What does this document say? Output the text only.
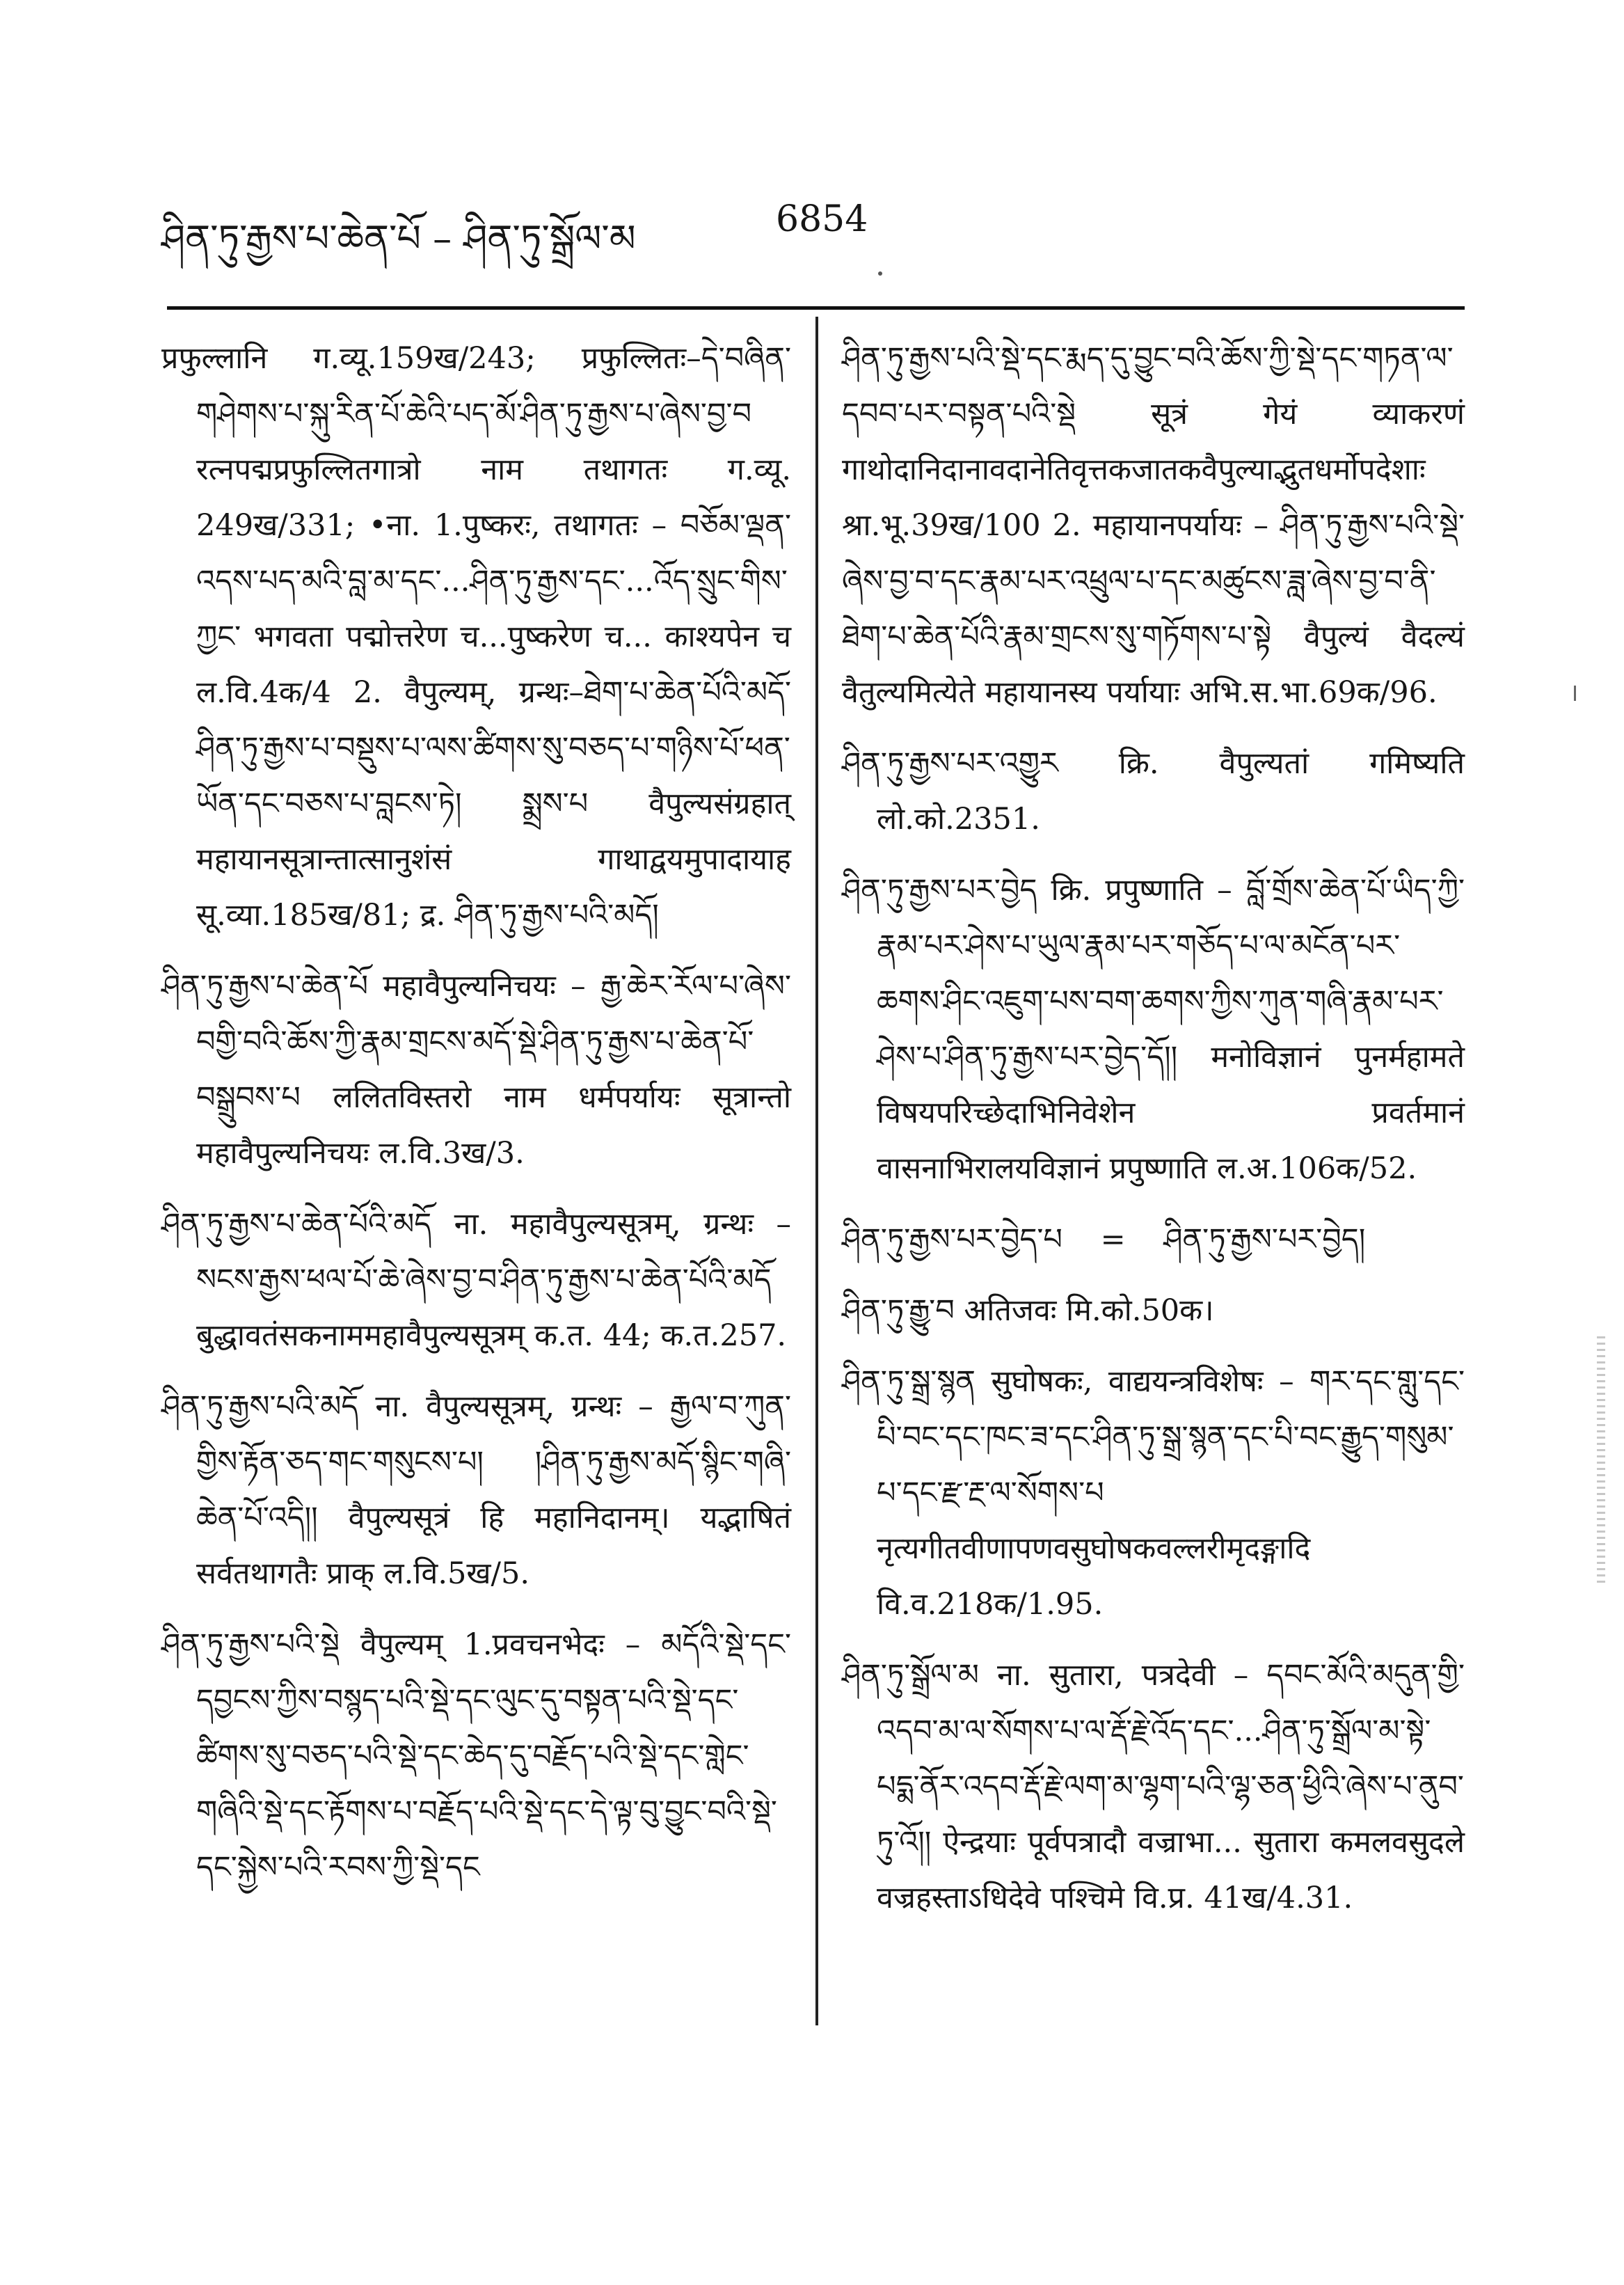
ཤིན་ཏུ་རྒྱས་པ་ཆེན་པོ – ཤིན་ཏུ་སྒྲོལ་མ	6854

प्रफुल्लानि ग.व्यू.159ख/243; प्रफुल्लितः–དེ་བཞིན་གཤེགས་པ་སྐུ་རིན་པོ་ཆེའི་པད་མོ་ཤིན་ཏུ་རྒྱས་པ་ཞེས་བྱ་བ रत्नपद्मप्रफुल्लितगात्रो नाम तथागतः ग.व्यू. 249ख/331; •ना. 1.पुष्करः, तथागतः – བཅོམ་ལྡན་འདས་པད་མའི་བླ་མ་དང་...ཤིན་ཏུ་རྒྱས་དང་...འོད་སྲུང་གིས་ཀྱང་ भगवता पद्मोत्तरेण च...पुष्करेण च... काश्यपेन च ल.वि.4क/4 2. वैपुल्यम्, ग्रन्थः–ཐེག་པ་ཆེན་པོའི་མདོ་ཤིན་ཏུ་རྒྱས་པ་བསྡུས་པ་ལས་ཚིགས་སུ་བཅད་པ་གཉིས་པོ་ཕན་ཡོན་དང་བཅས་པ་བླངས་ཏེ། སྨྲས་པ वैपुल्यसंग्रहात् महायानसूत्रान्तात्सानुशंसं गाथाद्वयमुपादायाह सू.व्या.185ख/81; द्र. ཤིན་ཏུ་རྒྱས་པའི་མདོ།

ཤིན་ཏུ་རྒྱས་པ་ཆེན་པོ महावैपुल्यनिचयः – རྒྱ་ཆེར་རོལ་པ་ཞེས་བགྱི་བའི་ཆོས་ཀྱི་རྣམ་གྲངས་མདོ་སྡེ་ཤིན་ཏུ་རྒྱས་པ་ཆེན་པོ་བསྒྲུབས་པ ललितविस्तरो नाम धर्मपर्यायः सूत्रान्तो महावैपुल्यनिचयः ल.वि.3ख/3.

ཤིན་ཏུ་རྒྱས་པ་ཆེན་པོའི་མདོ ना. महावैपुल्यसूत्रम्, ग्रन्थः – སངས་རྒྱས་ཕལ་པོ་ཆེ་ཞེས་བྱ་བ་ཤིན་ཏུ་རྒྱས་པ་ཆེན་པོའི་མདོ बुद्धावतंसकनाममहावैपुल्यसूत्रम् क.त. 44; क.त.257.

ཤིན་ཏུ་རྒྱས་པའི་མདོ ना. वैपुल्यसूत्रम्, ग्रन्थः – རྒྱལ་བ་ཀུན་གྱིས་རྟོན་ཅད་གང་གསུངས་པ། །ཤིན་ཏུ་རྒྱས་མདོ་སྙིང་གཞི་ཆེན་པོ་འདི།། वैपुल्यसूत्रं हि महानिदानम्। यद्भाषितं सर्वतथागतैः प्राक् ल.वि.5ख/5.

ཤིན་ཏུ་རྒྱས་པའི་སྡེ वैपुल्यम् 1.प्रवचनभेदः – མདོའི་སྡེ་དང་དབྱངས་ཀྱིས་བསྙད་པའི་སྡེ་དང་ལུང་དུ་བསྟན་པའི་སྡེ་དང་ཚིགས་སུ་བཅད་པའི་སྡེ་དང་ཆེད་དུ་བརྗོད་པའི་སྡེ་དང་གླེང་གཞིའི་སྡེ་དང་རྟོགས་པ་བརྗོད་པའི་སྡེ་དང་དེ་ལྟ་བུ་བྱུང་བའི་སྡེ་དང་སྐྱེས་པའི་རབས་ཀྱི་སྡེ་དང

ཤིན་ཏུ་རྒྱས་པའི་སྡེ་དང་རྨད་དུ་བྱུང་བའི་ཆོས་ཀྱི་སྡེ་དང་གཏན་ལ་དབབ་པར་བསྟན་པའི་སྡེ सूत्रं गेयं व्याकरणं गाथोदानिदानावदानेतिवृत्तकजातकवैपुल्याद्भुतधर्मोपदेशाः श्रा.भू.39ख/100 2. महायानपर्यायः – ཤིན་ཏུ་རྒྱས་པའི་སྡེ་ཞེས་བྱ་བ་དང་རྣམ་པར་འཕྲུལ་པ་དང་མཚུངས་ཟླ་ཞེས་བྱ་བ་ནི་ཐེག་པ་ཆེན་པོའི་རྣམ་གྲངས་སུ་གཏོགས་པ་སྟེ वैपुल्यं वैदल्यं वैतुल्यमित्येते महायानस्य पर्यायाः अभि.स.भा.69क/96.

ཤིན་ཏུ་རྒྱས་པར་འགྱུར क्रि. वैपुल्यतां गमिष्यति लो.को.2351.

ཤིན་ཏུ་རྒྱས་པར་བྱེད क्रि. प्रपुष्णाति – བློ་གྲོས་ཆེན་པོ་ཡིད་ཀྱི་རྣམ་པར་ཤེས་པ་ཡུལ་རྣམ་པར་གཅོད་པ་ལ་མངོན་པར་ཆགས་ཤིང་འཇུག་པས་བག་ཆགས་ཀྱིས་ཀུན་གཞི་རྣམ་པར་ཤེས་པ་ཤིན་ཏུ་རྒྱས་པར་བྱེད་དོ།། मनोविज्ञानं पुनर्महामते विषयपरिच्छेदाभिनिवेशेन प्रवर्तमानं वासनाभिरालयविज्ञानं प्रपुष्णाति ल.अ.106क/52.

ཤིན་ཏུ་རྒྱས་པར་བྱེད་པ    =    ཤིན་ཏུ་རྒྱས་པར་བྱེད།

ཤིན་ཏུ་རྒྱུ་བ अतिजवः मि.को.50क।

ཤིན་ཏུ་སྒྲ་སྙན सुघोषकः, वाद्ययन्त्रविशेषः – གར་དང་གླུ་དང་པི་བང་དང་ཁང་ཟ་དང་ཤིན་ཏུ་སྒྲ་སྙན་དང་པི་བང་རྒྱུད་གསུམ་པ་དང་རྫ་རྔ་ལ་སོགས་པ नृत्यगीतवीणापणवसुघोषकवल्लरीमृदङ्गादि वि.व.218क/1.95.

ཤིན་ཏུ་སྒྲོལ་མ ना. सुतारा, पत्रदेवी – དབང་མོའི་མདུན་གྱི་འདབ་མ་ལ་སོགས་པ་ལ་རྡོ་རྗེ་འོད་དང་...ཤིན་ཏུ་སྒྲོལ་མ་སྟེ་པདྨ་ནོར་འདབ་རྡོ་རྗེ་ལག་མ་ལྷག་པའི་ལྷ་ཅན་ཕྱིའི་ཞེས་པ་ནུབ་ཏུ་འོ།། ऐन्द्रयाः पूर्वपत्रादौ वज्राभा... सुतारा कमलवसुदले वज्रहस्ताऽधिदेवे पश्चिमे वि.प्र. 41ख/4.31.
